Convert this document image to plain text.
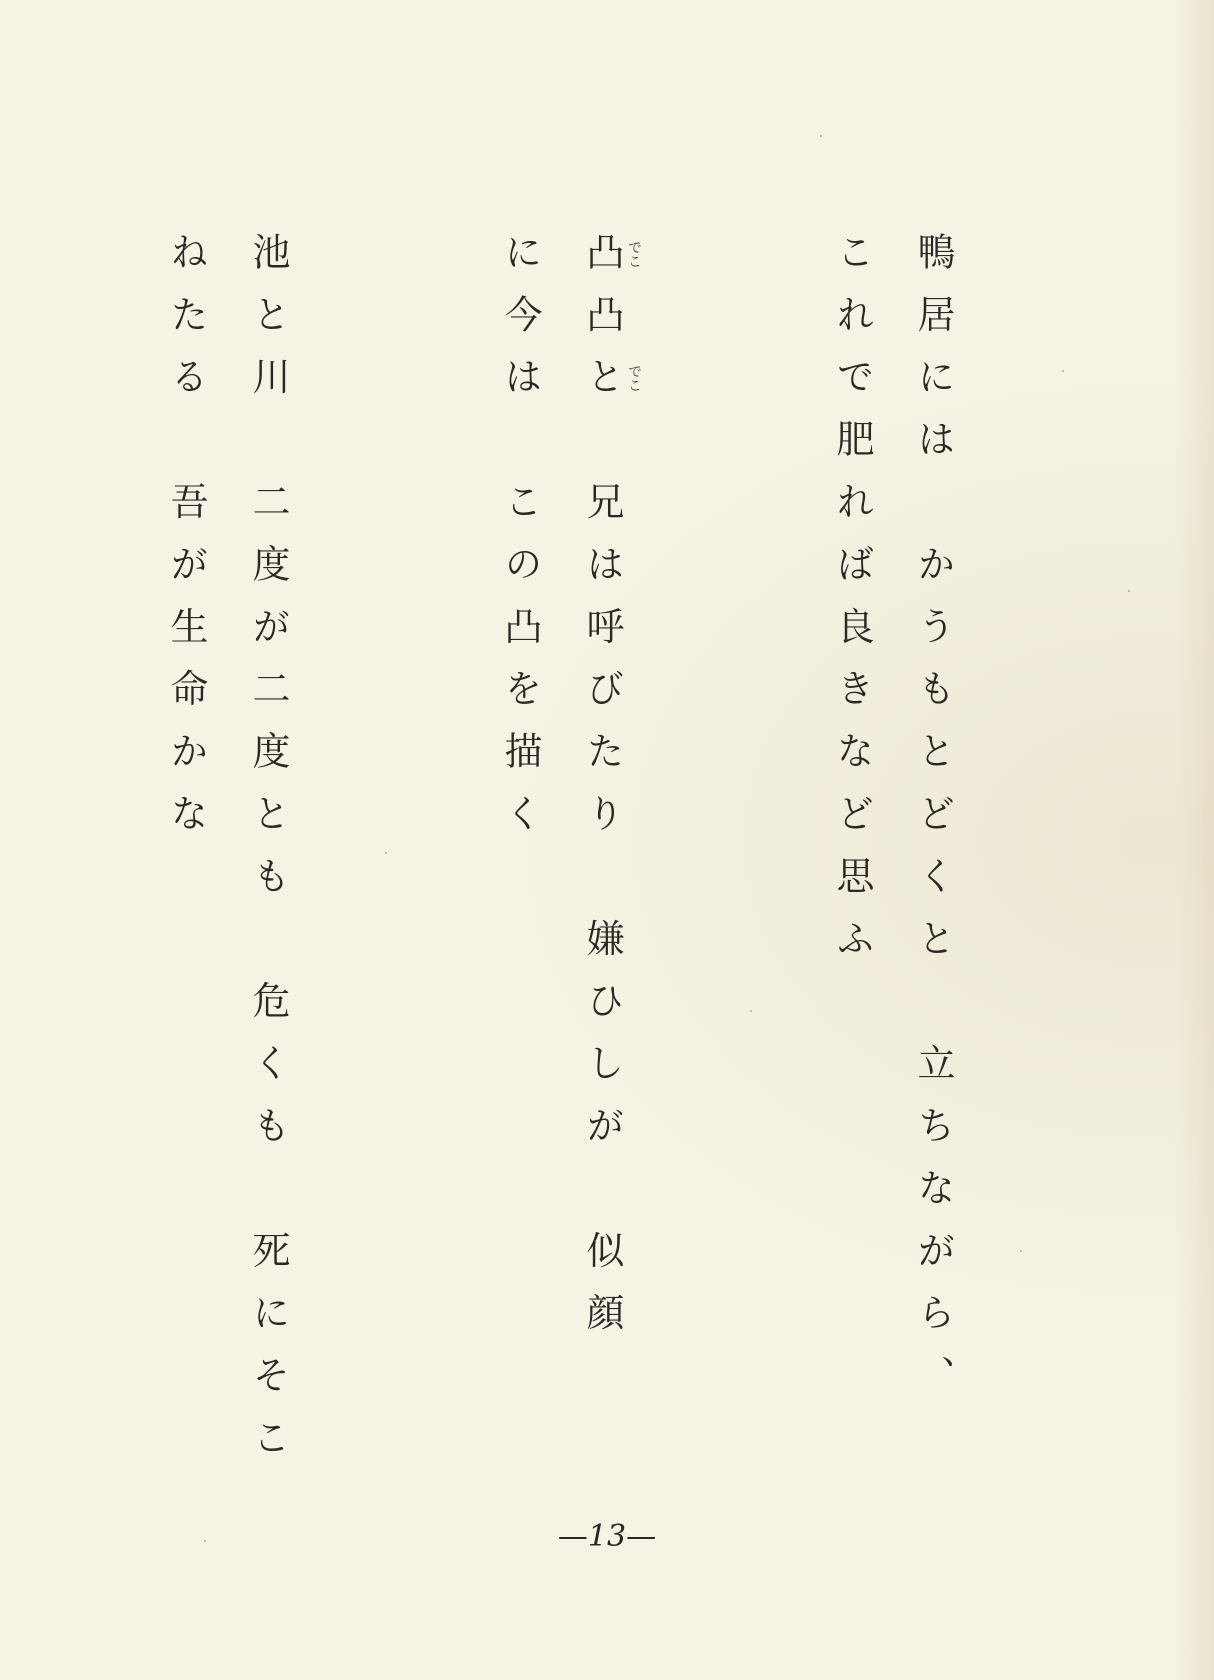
鴨居には　かうもとどくと　立ちながら、
これで肥れば良きなど思ふ
凸凸と　兄は呼びたり　嫌ひしが　似顔 でこ
でこ
に今は　この凸を描く
池と川　二度が二度とも　危くも　死にそこ
ねたる　吾が生命かな
—13—
